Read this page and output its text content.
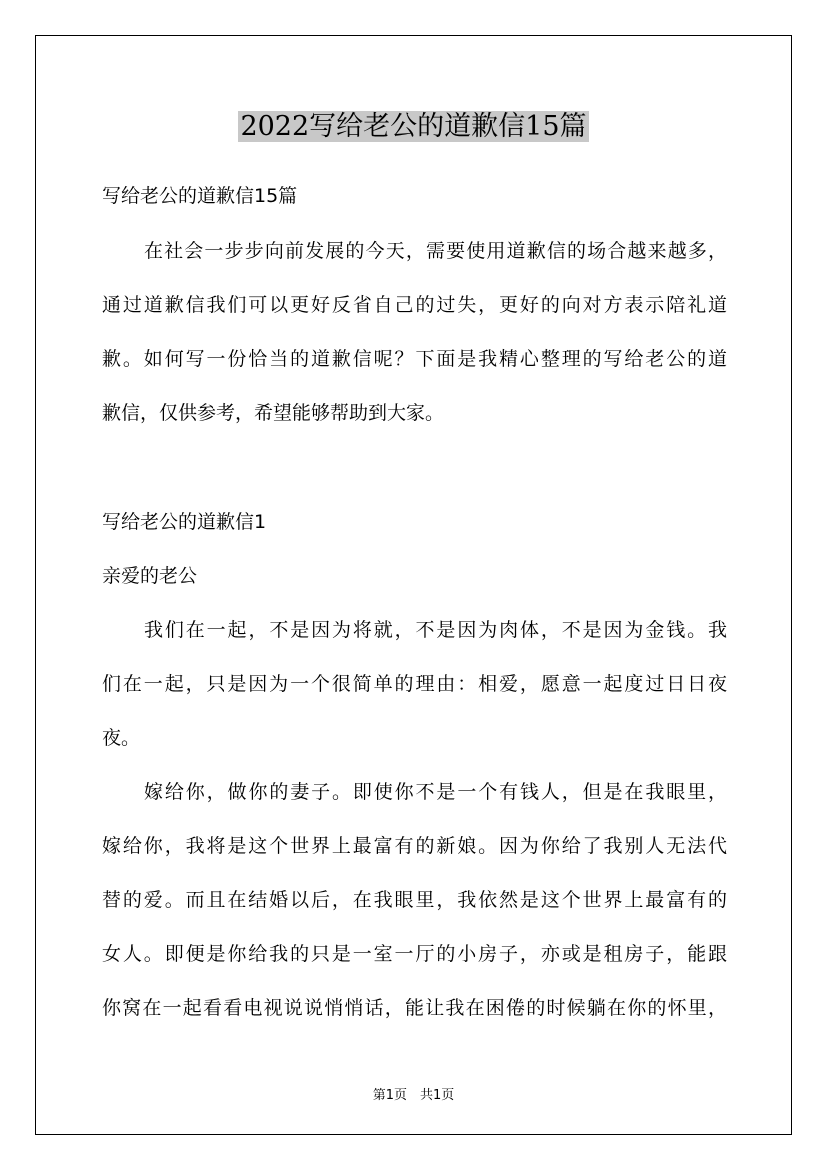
2022写给老公的道歉信15篇
写给老公的道歉信15篇
在社会一步步向前发展的今天，需要使用道歉信的场合越来越多，
通过道歉信我们可以更好反省自己的过失，更好的向对方表示陪礼道
歉。如何写一份恰当的道歉信呢？下面是我精心整理的写给老公的道
歉信，仅供参考，希望能够帮助到大家。
写给老公的道歉信1
亲爱的老公
我们在一起，不是因为将就，不是因为肉体，不是因为金钱。我
们在一起，只是因为一个很简单的理由：相爱，愿意一起度过日日夜
夜。
嫁给你，做你的妻子。即使你不是一个有钱人，但是在我眼里，
嫁给你，我将是这个世界上最富有的新娘。因为你给了我别人无法代
替的爱。而且在结婚以后，在我眼里，我依然是这个世界上最富有的
女人。即便是你给我的只是一室一厅的小房子，亦或是租房子，能跟
你窝在一起看看电视说说悄悄话，能让我在困倦的时候躺在你的怀里，
第1页　共1页
